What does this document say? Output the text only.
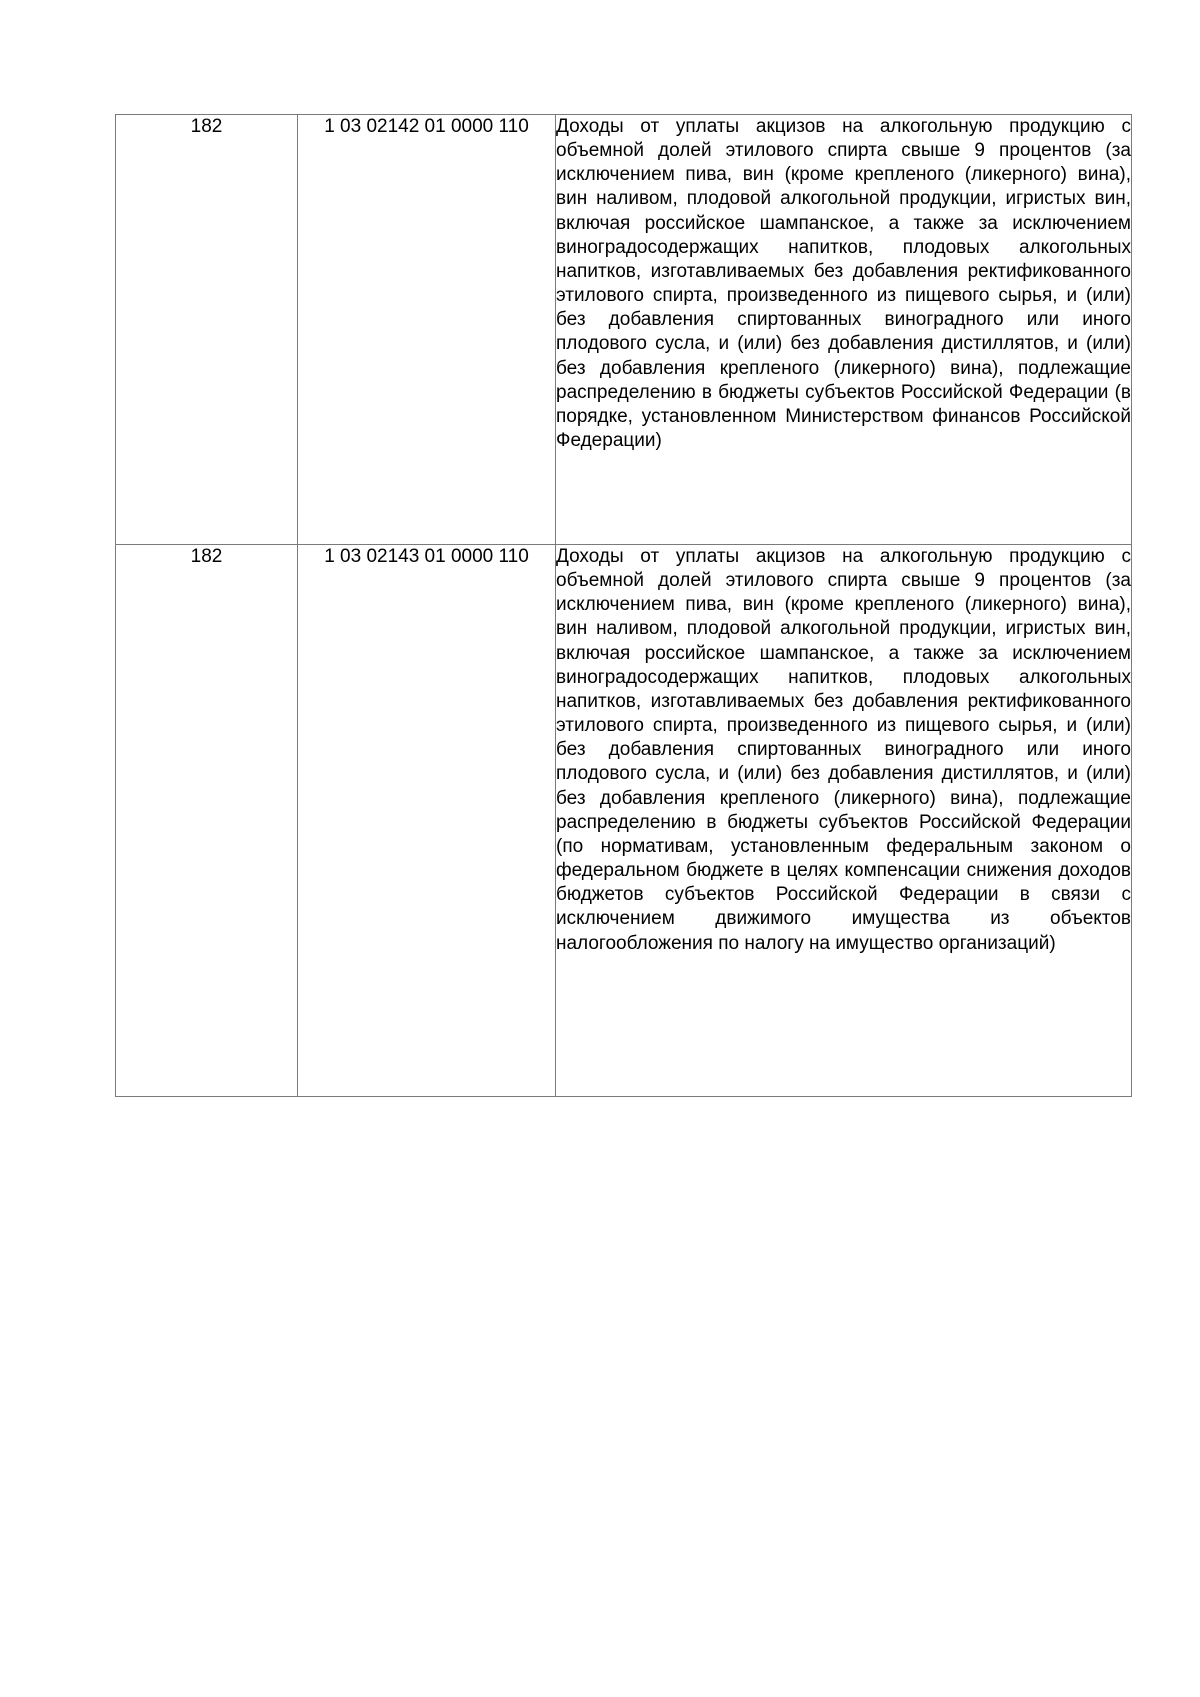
182	1 03 02142 01 0000 110	Доходы от уплаты акцизов на алкогольную продукцию с объемной долей этилового спирта свыше 9 процентов (за исключением пива, вин (кроме крепленого (ликерного) вина), вин наливом, плодовой алкогольной продукции, игристых вин, включая российское шампанское, а также за исключением виноградосодержащих напитков, плодовых алкогольных напитков, изготавливаемых без добавления ректификованного этилового спирта, произведенного из пищевого сырья, и (или) без добавления спиртованных виноградного или иного плодового сусла, и (или) без добавления дистиллятов, и (или) без добавления крепленого (ликерного) вина), подлежащие распределению в бюджеты субъектов Российской Федерации (в порядке, установленном Министерством финансов Российской Федерации)
182	1 03 02143 01 0000 110	Доходы от уплаты акцизов на алкогольную продукцию с объемной долей этилового спирта свыше 9 процентов (за исключением пива, вин (кроме крепленого (ликерного) вина), вин наливом, плодовой алкогольной продукции, игристых вин, включая российское шампанское, а также за исключением виноградосодержащих напитков, плодовых алкогольных напитков, изготавливаемых без добавления ректификованного этилового спирта, произведенного из пищевого сырья, и (или) без добавления спиртованных виноградного или иного плодового сусла, и (или) без добавления дистиллятов, и (или) без добавления крепленого (ликерного) вина), подлежащие распределению в бюджеты субъектов Российской Федерации (по нормативам, установленным федеральным законом о федеральном бюджете в целях компенсации снижения доходов бюджетов субъектов Российской Федерации в связи с исключением движимого имущества из объектов налогообложения по налогу на имущество организаций)
